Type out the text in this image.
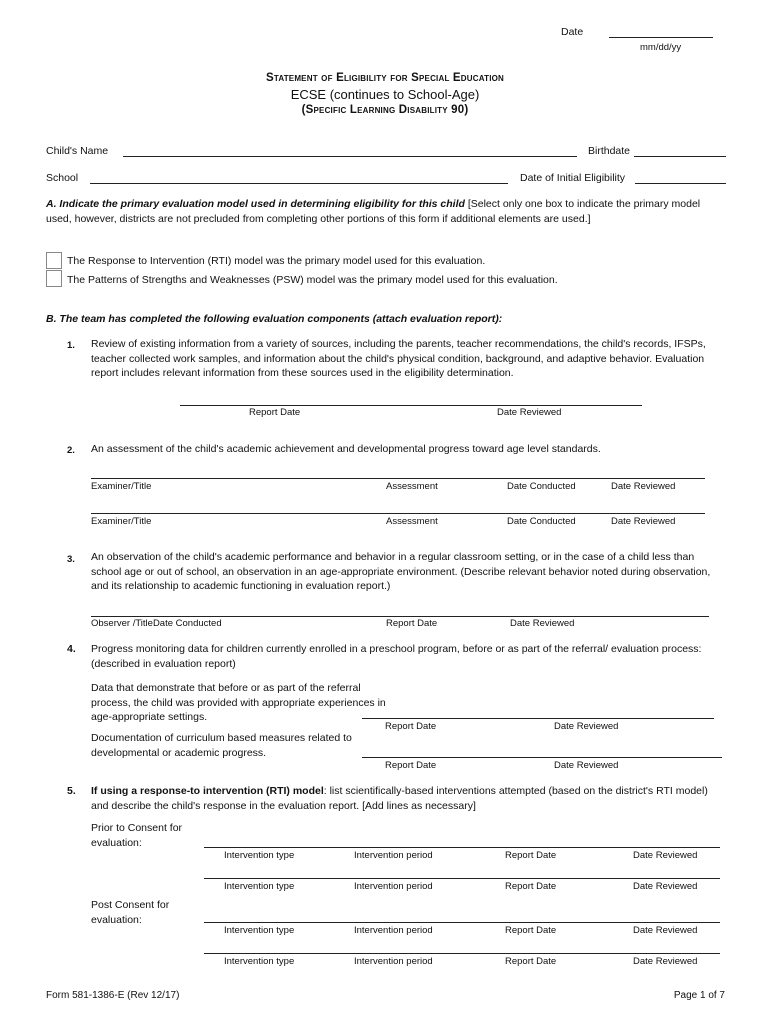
Date
mm/dd/yy
Statement of Eligibility for Special Education
ECSE (continues to School-Age)
(Specific Learning Disability 90)
Child's Name	Birthdate
School	Date of Initial Eligibility
A. Indicate the primary evaluation model used in determining eligibility for this child [Select only one box to indicate the primary model used, however, districts are not precluded from completing other portions of this form if additional elements are used.]
The Response to Intervention (RTI) model was the primary model used for this evaluation.
The Patterns of Strengths and Weaknesses (PSW) model was the primary model used for this evaluation.
B. The team has completed the following evaluation components (attach evaluation report):
1. Review of existing information from a variety of sources, including the parents, teacher recommendations, the child's records, IFSPs, teacher collected work samples, and information about the child's physical condition, background, and adaptive behavior. Evaluation report includes relevant information from these sources used in the eligibility determination.
Report Date	Date Reviewed
2. An assessment of the child's academic achievement and developmental progress toward age level standards.
Examiner/Title	Assessment	Date Conducted	Date Reviewed
Examiner/Title	Assessment	Date Conducted	Date Reviewed
3. An observation of the child's academic performance and behavior in a regular classroom setting, or in the case of a child less than school age or out of school, an observation in an age-appropriate environment. (Describe relevant behavior noted during observation, and its relationship to academic functioning in evaluation report.)
Observer /TitleDate Conducted	Report Date	Date Reviewed
4. Progress monitoring data for children currently enrolled in a preschool program, before or as part of the referral/ evaluation process: (described in evaluation report)
Data that demonstrate that before or as part of the referral process, the child was provided with appropriate experiences in age-appropriate settings.
Report Date	Date Reviewed
Documentation of curriculum based measures related to developmental or academic progress.
Report Date	Date Reviewed
5. If using a response-to intervention (RTI) model: list scientifically-based interventions attempted (based on the district's RTI model) and describe the child's response in the evaluation report. [Add lines as necessary]
Prior to Consent for evaluation:
Intervention type	Intervention period	Report Date	Date Reviewed
Intervention type	Intervention period	Report Date	Date Reviewed
Post Consent for evaluation:
Intervention type	Intervention period	Report Date	Date Reviewed
Intervention type	Intervention period	Report Date	Date Reviewed
Form 581-1386-E (Rev 12/17)	Page 1 of 7
